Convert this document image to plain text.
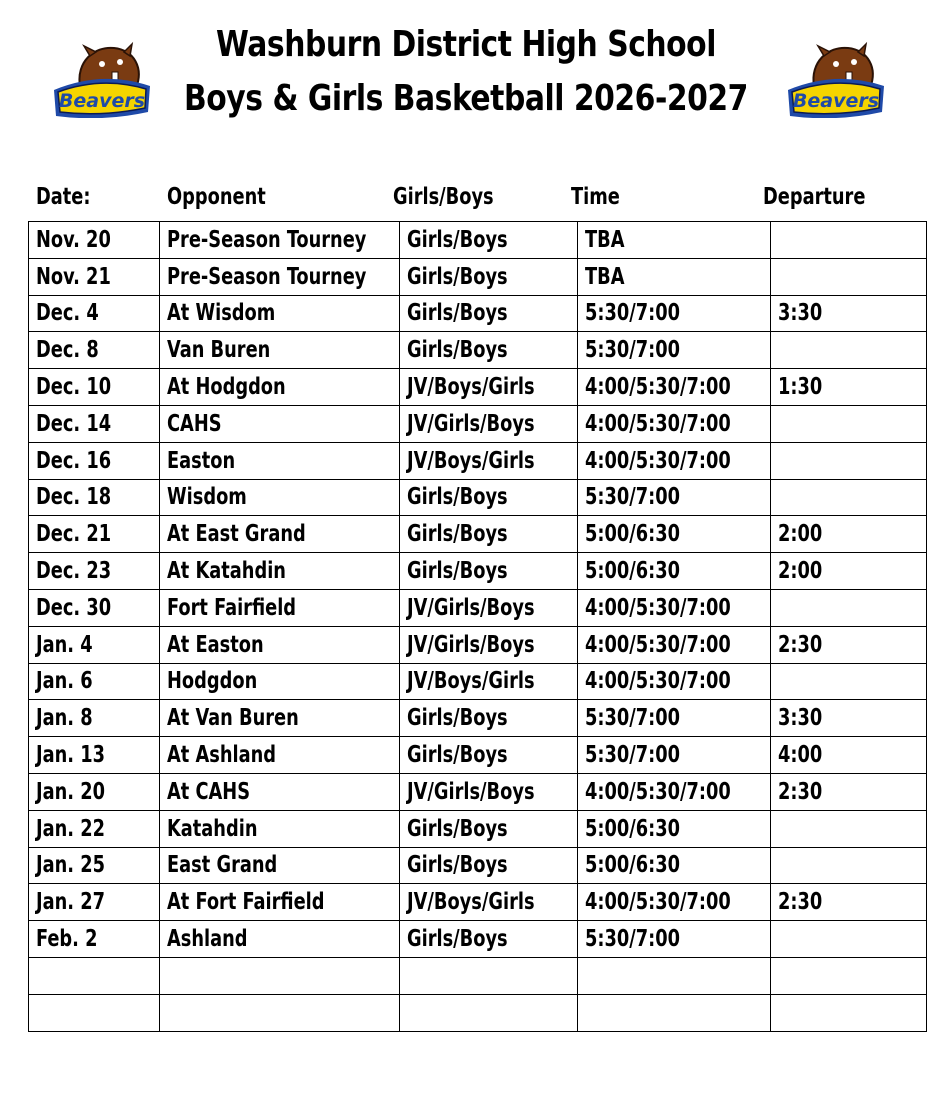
Washburn District High School
Boys & Girls Basketball 2026-2027
Beavers	Beavers
Date:	Opponent	Girls/Boys	Time	Departure
Nov. 20	Pre-Season Tourney	Girls/Boys	TBA	
Nov. 21	Pre-Season Tourney	Girls/Boys	TBA	
Dec. 4	At Wisdom	Girls/Boys	5:30/7:00	3:30
Dec. 8	Van Buren	Girls/Boys	5:30/7:00	
Dec. 10	At Hodgdon	JV/Boys/Girls	4:00/5:30/7:00	1:30
Dec. 14	CAHS	JV/Girls/Boys	4:00/5:30/7:00	
Dec. 16	Easton	JV/Boys/Girls	4:00/5:30/7:00	
Dec. 18	Wisdom	Girls/Boys	5:30/7:00	
Dec. 21	At East Grand	Girls/Boys	5:00/6:30	2:00
Dec. 23	At Katahdin	Girls/Boys	5:00/6:30	2:00
Dec. 30	Fort Fairfield	JV/Girls/Boys	4:00/5:30/7:00	
Jan. 4	At Easton	JV/Girls/Boys	4:00/5:30/7:00	2:30
Jan. 6	Hodgdon	JV/Boys/Girls	4:00/5:30/7:00	
Jan. 8	At Van Buren	Girls/Boys	5:30/7:00	3:30
Jan. 13	At Ashland	Girls/Boys	5:30/7:00	4:00
Jan. 20	At CAHS	JV/Girls/Boys	4:00/5:30/7:00	2:30
Jan. 22	Katahdin	Girls/Boys	5:00/6:30	
Jan. 25	East Grand	Girls/Boys	5:00/6:30	
Jan. 27	At Fort Fairfield	JV/Boys/Girls	4:00/5:30/7:00	2:30
Feb. 2	Ashland	Girls/Boys	5:30/7:00	
